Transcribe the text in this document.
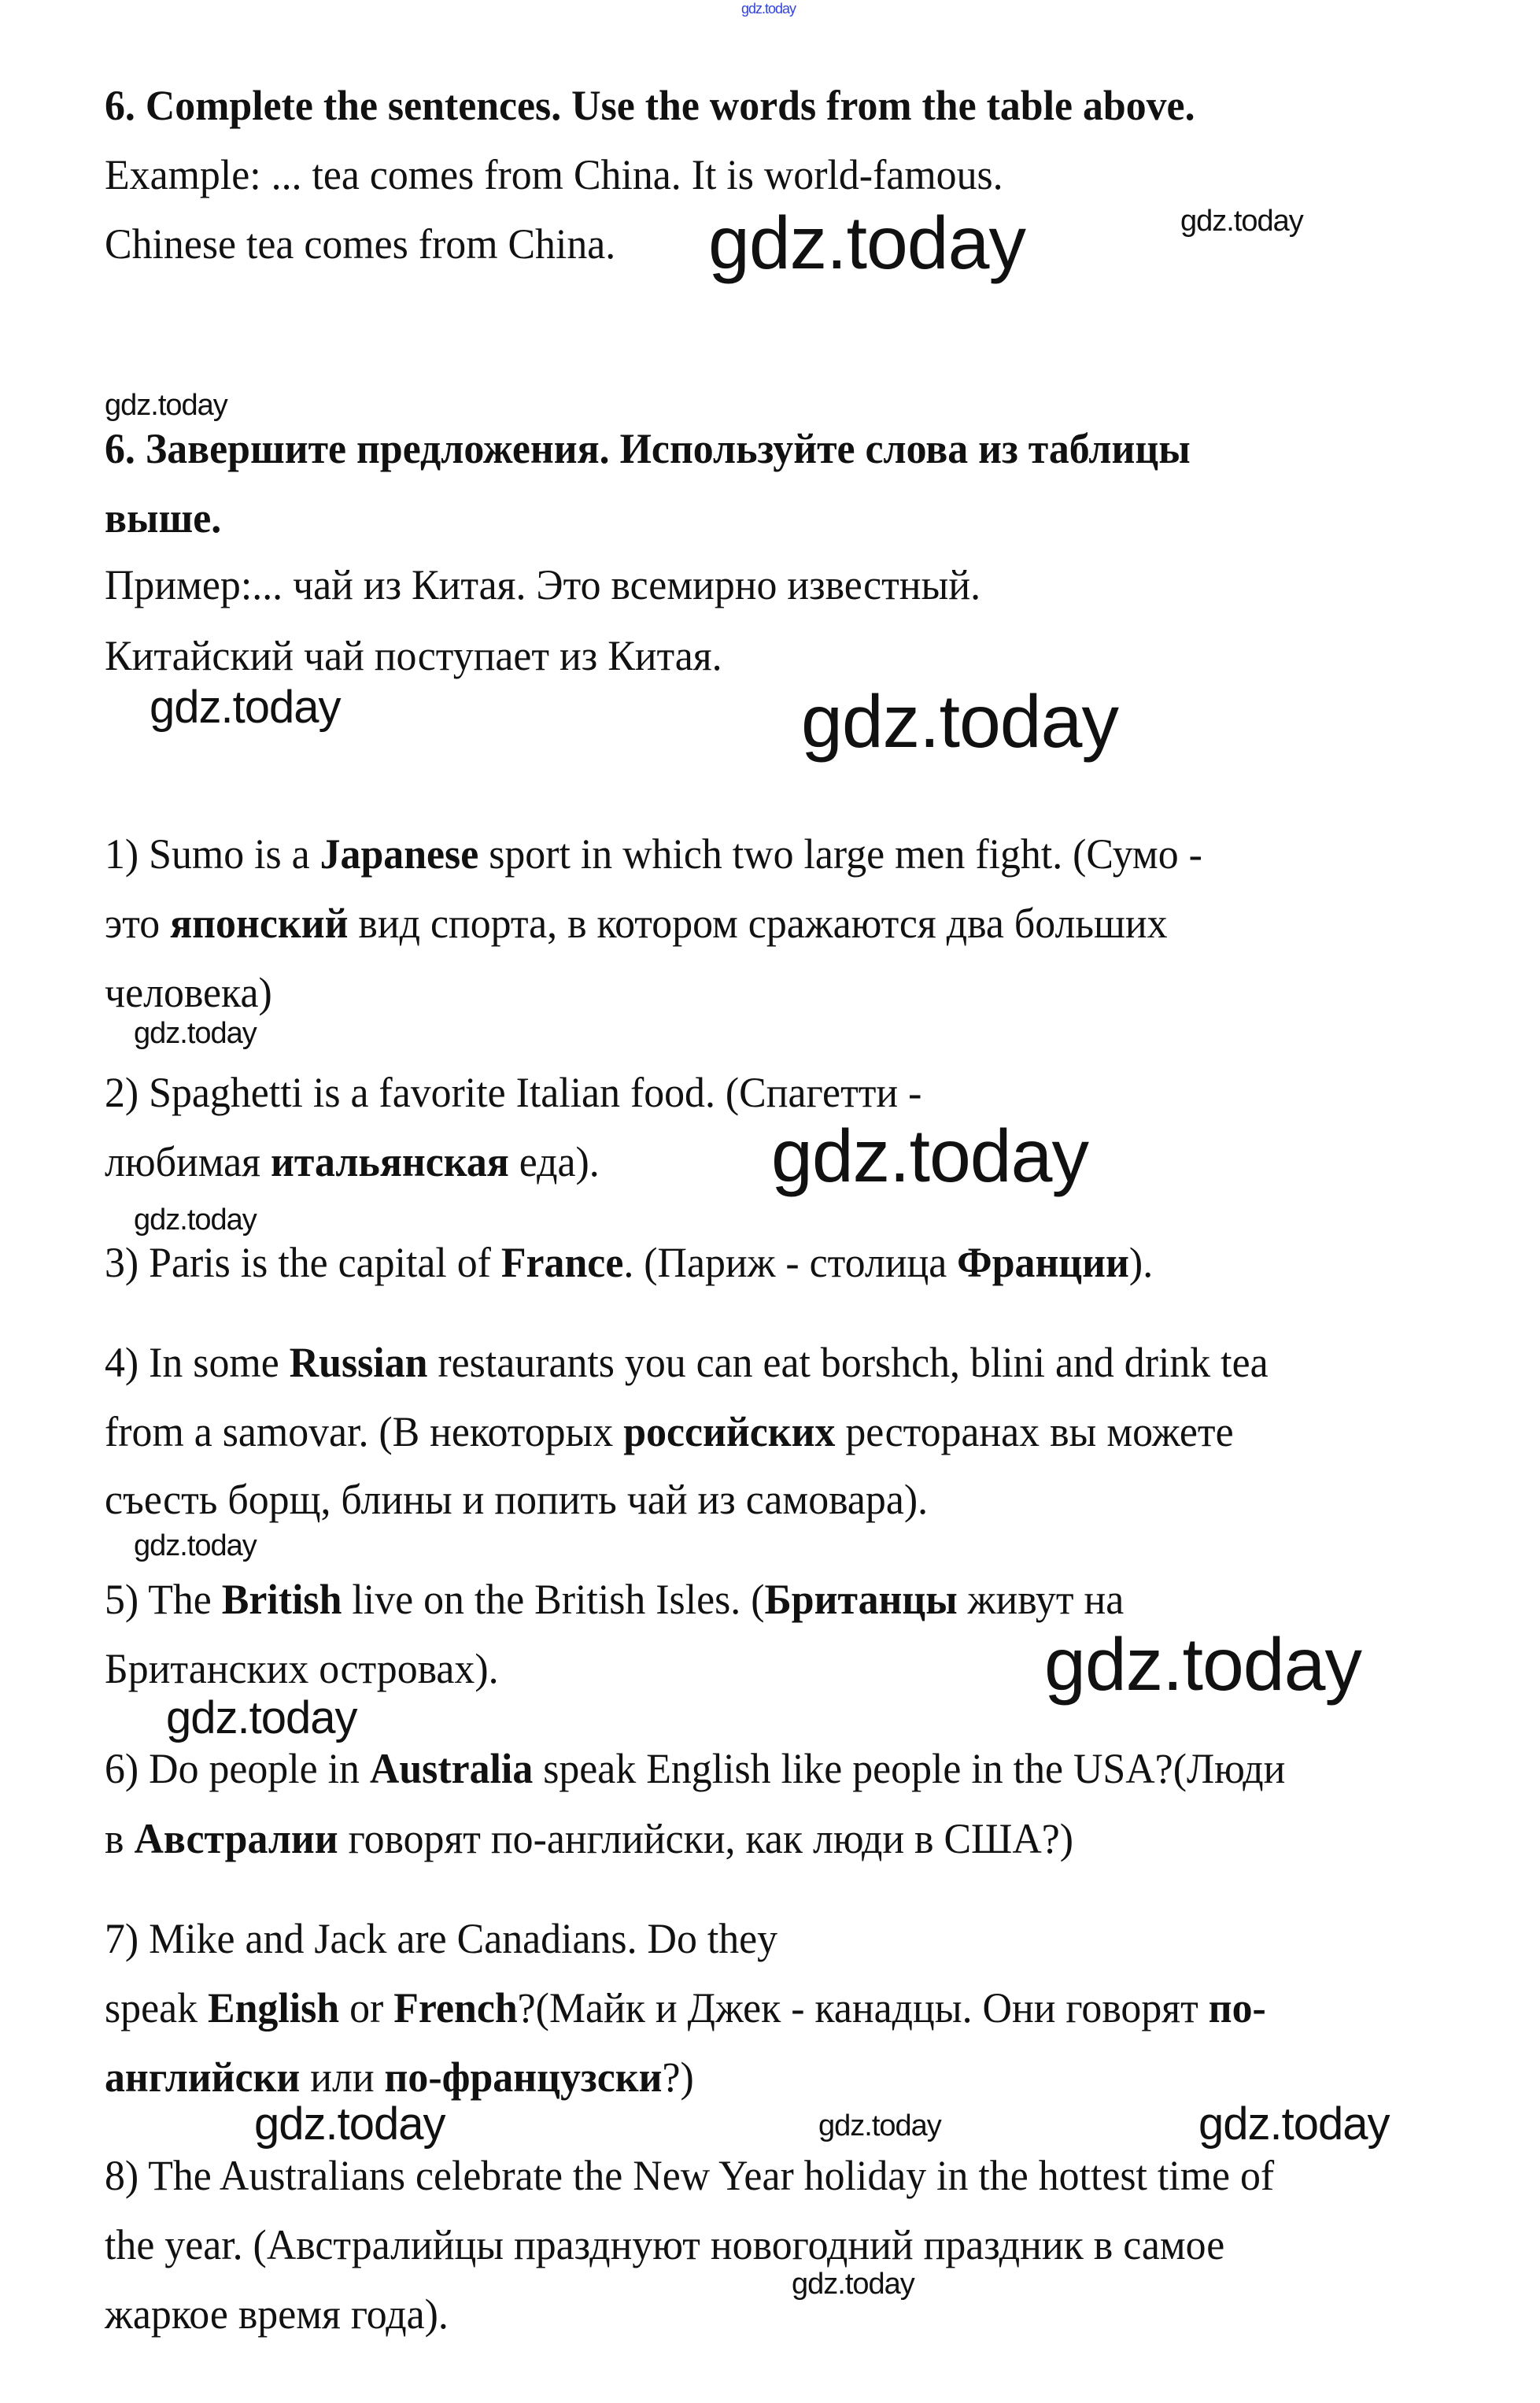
6. Complete the sentences. Use the words from the table above.
Example: ... tea comes from China. It is world-famous.
Chinese tea comes from China.
6. Завершите предложения. Используйте слова из таблицы
выше.
Пример:... чай из Китая. Это всемирно известный.
Китайский чай поступает из Китая.
1) Sumo is a Japanese sport in which two large men fight. (Сумо -
это японский вид спорта, в котором сражаются два больших
человека)
2) Spaghetti is a favorite Italian food. (Спагетти -
любимая итальянская еда).
3) Paris is the capital of France. (Париж - столица Франции).
4) In some Russian restaurants you can eat borshch, blini and drink tea
from a samovar. (В некоторых российских ресторанах вы можете
съесть борщ, блины и попить чай из самовара).
5) The British live on the British Isles. (Британцы живут на
Британских островах).
6) Do people in Australia speak English like people in the USA?(Люди
в Австралии говорят по-английски, как люди в США?)
7) Mike and Jack are Canadians. Do they
speak English or French?(Майк и Джек - канадцы. Они говорят по-
английски или по-французски?)
8) The Australians celebrate the New Year holiday in the hottest time of
the year. (Австралийцы празднуют новогодний праздник в самое
жаркое время года).
gdz.today
gdz.today
gdz.today
gdz.today
gdz.today	gdz.today
gdz.today
gdz.today
gdz.today
gdz.today
gdz.today
gdz.today
gdz.today	gdz.today	gdz.today
gdz.today
